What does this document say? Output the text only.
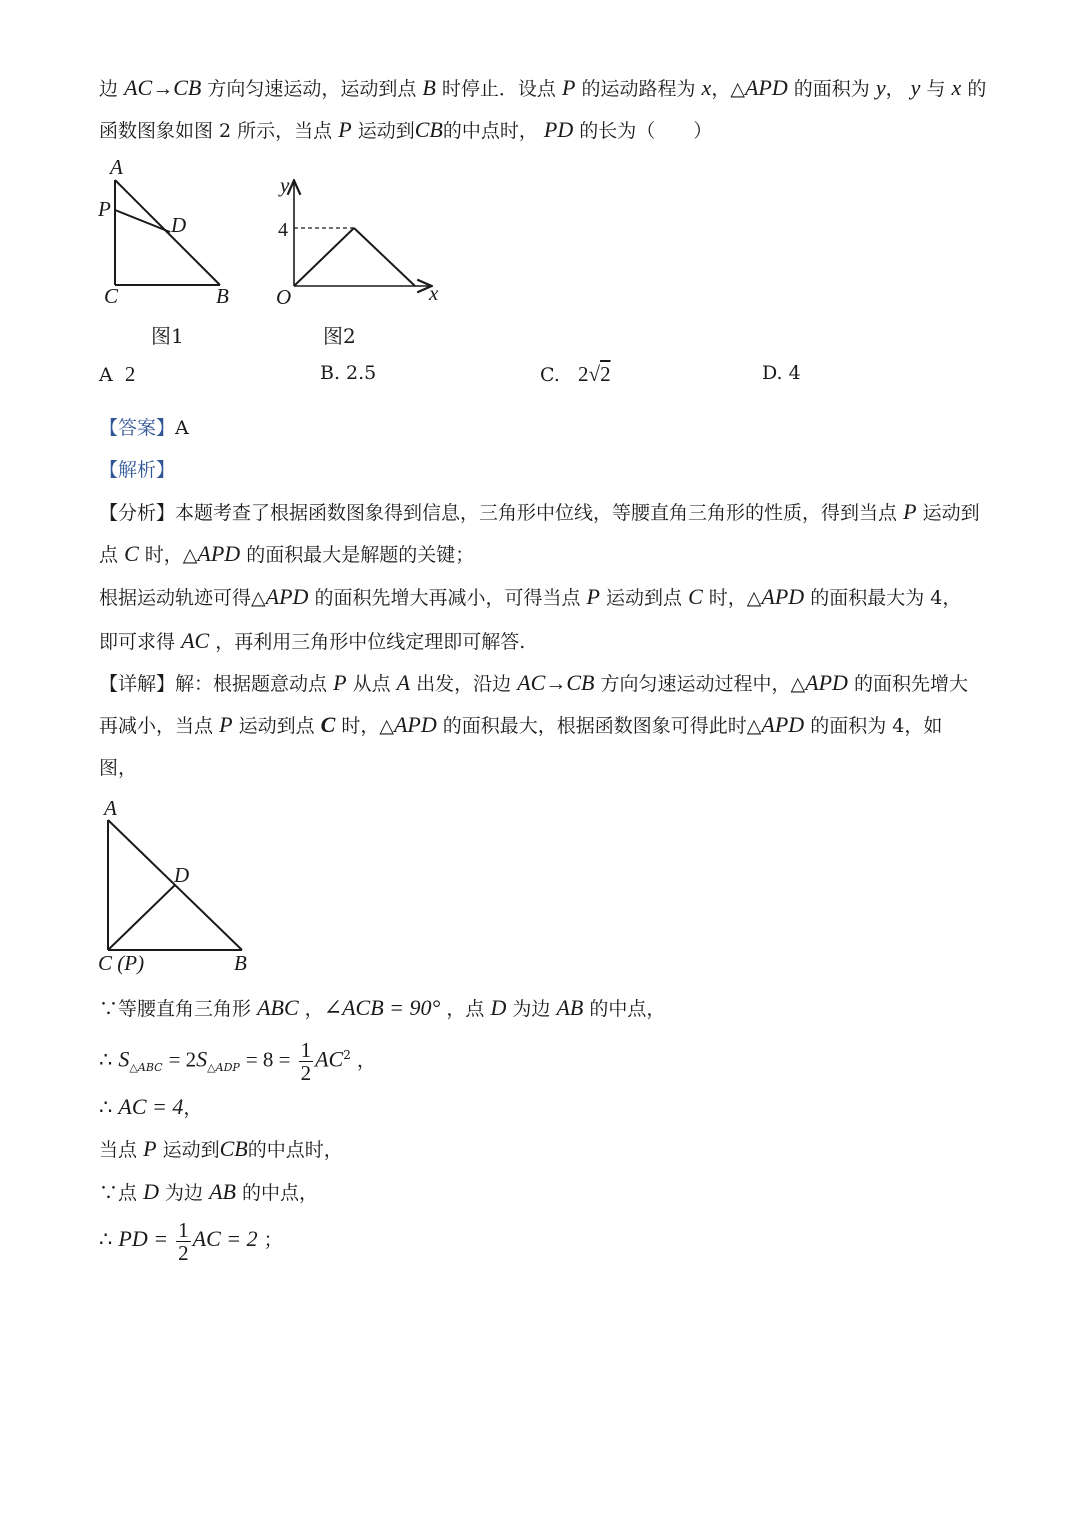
边 AC→CB 方向匀速运动，运动到点 B 时停止．设点 P 的运动路程为 x，△APD 的面积为 y， y 与 x 的
函数图象如图 2 所示，当点 P 运动到CB的中点时， PD 的长为（　　）
A
P
D
C	B
图1
y
x
O
4
图2
A 2	B. 2.5	C. 2√2	D. 4
【答案】A
【解析】
【分析】本题考查了根据函数图象得到信息，三角形中位线，等腰直角三角形的性质，得到当点 P 运动到
点 C 时，△APD 的面积最大是解题的关键；
根据运动轨迹可得△APD 的面积先增大再减小，可得当点 P 运动到点 C 时，△APD 的面积最大为 4，
即可求得 AC ，再利用三角形中位线定理即可解答.
【详解】解：根据题意动点 P 从点 A 出发，沿边 AC→CB 方向匀速运动过程中，△APD 的面积先增大
再减小，当点 P 运动到点 C 时，△APD 的面积最大，根据函数图象可得此时△APD 的面积为 4，如
图，
A
D
C (P)	B
∵等腰直角三角形 ABC ，∠ACB = 90° ，点 D 为边 AB 的中点，
∴ $S_{\triangle ABC} = 2S_{\triangle ADP} = 8 = \frac{1}{2} AC^2$ ，
∴ AC = 4，
当点 P 运动到CB的中点时，
∵点 D 为边 AB 的中点，
∴ PD = $\frac{1}{2}$ AC = 2 ；
